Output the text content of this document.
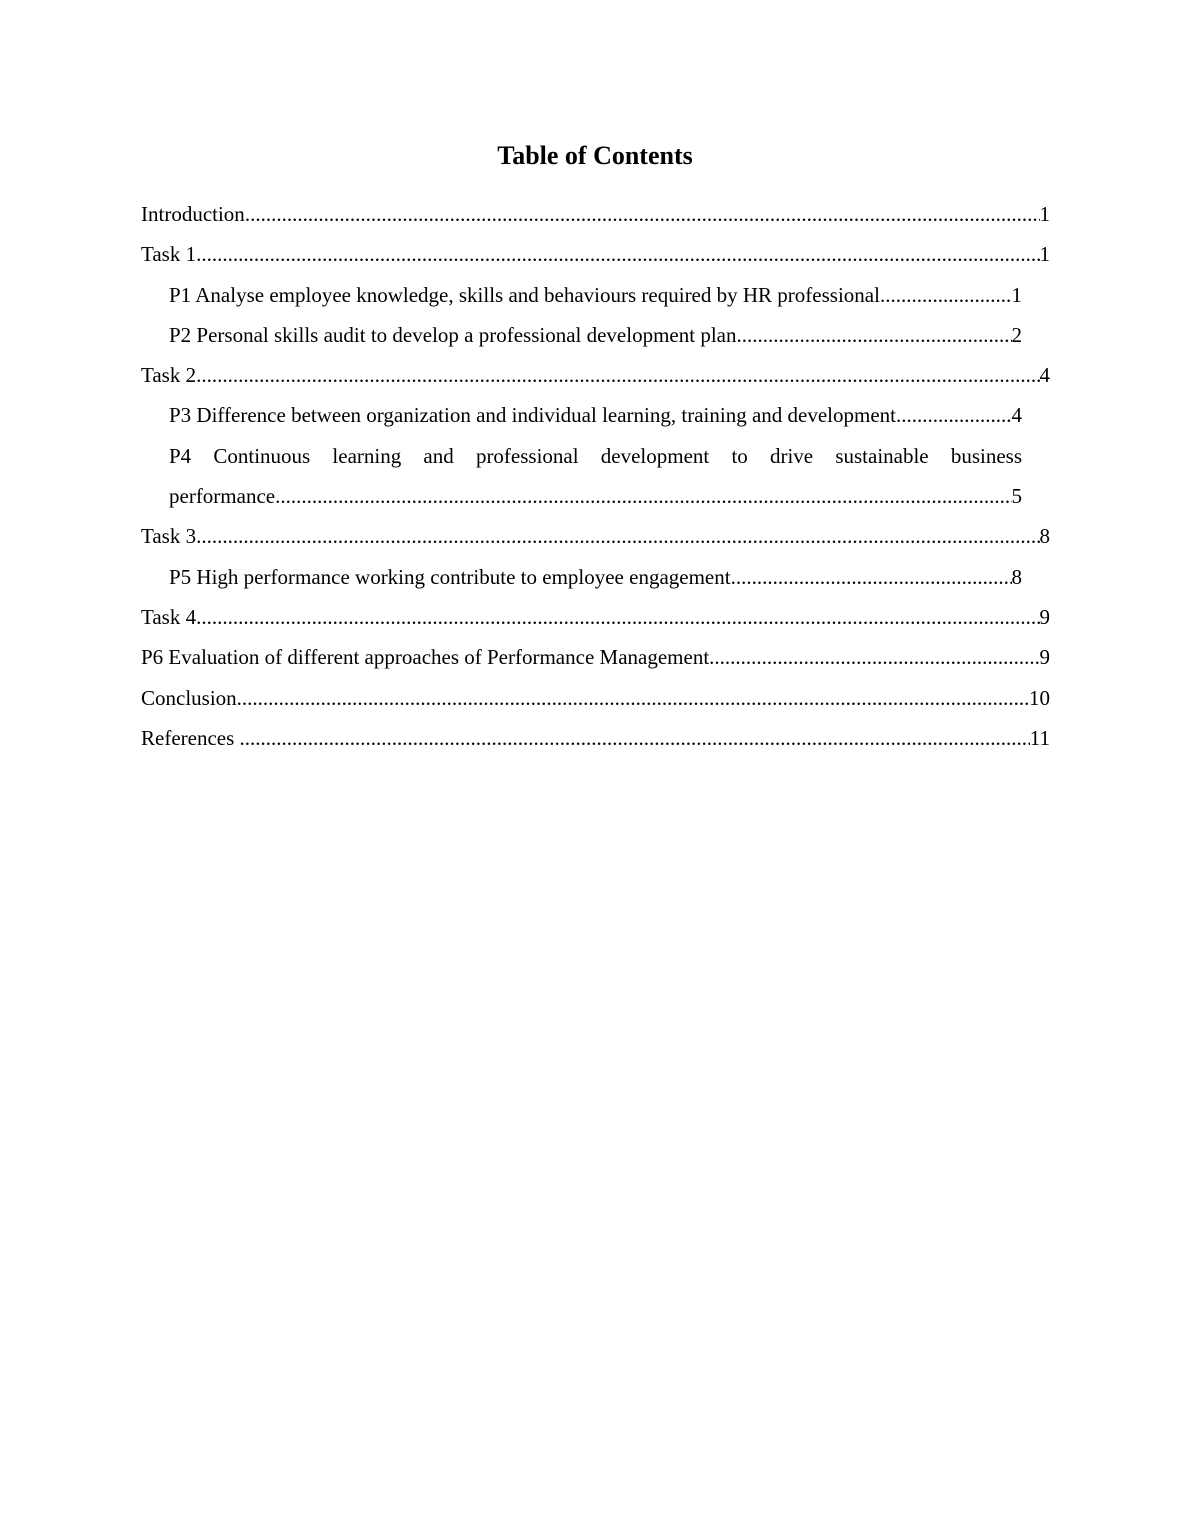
Table of Contents
Introduction .....	1
Task 1 .....	1
P1 Analyse employee knowledge, skills and behaviours required by HR professional. .....	1
P2 Personal skills audit to develop a professional development plan .....	2
Task 2 .....	4
P3 Difference between organization and individual learning, training and development. .....	4
P4 Continuous learning and professional development to drive sustainable business
performance .....	5
Task 3 .....	8
P5 High performance working contribute to employee engagement .....	8
Task 4 .....	9
P6 Evaluation of different approaches of Performance Management .....	9
Conclusion .....	10
References .....	11
